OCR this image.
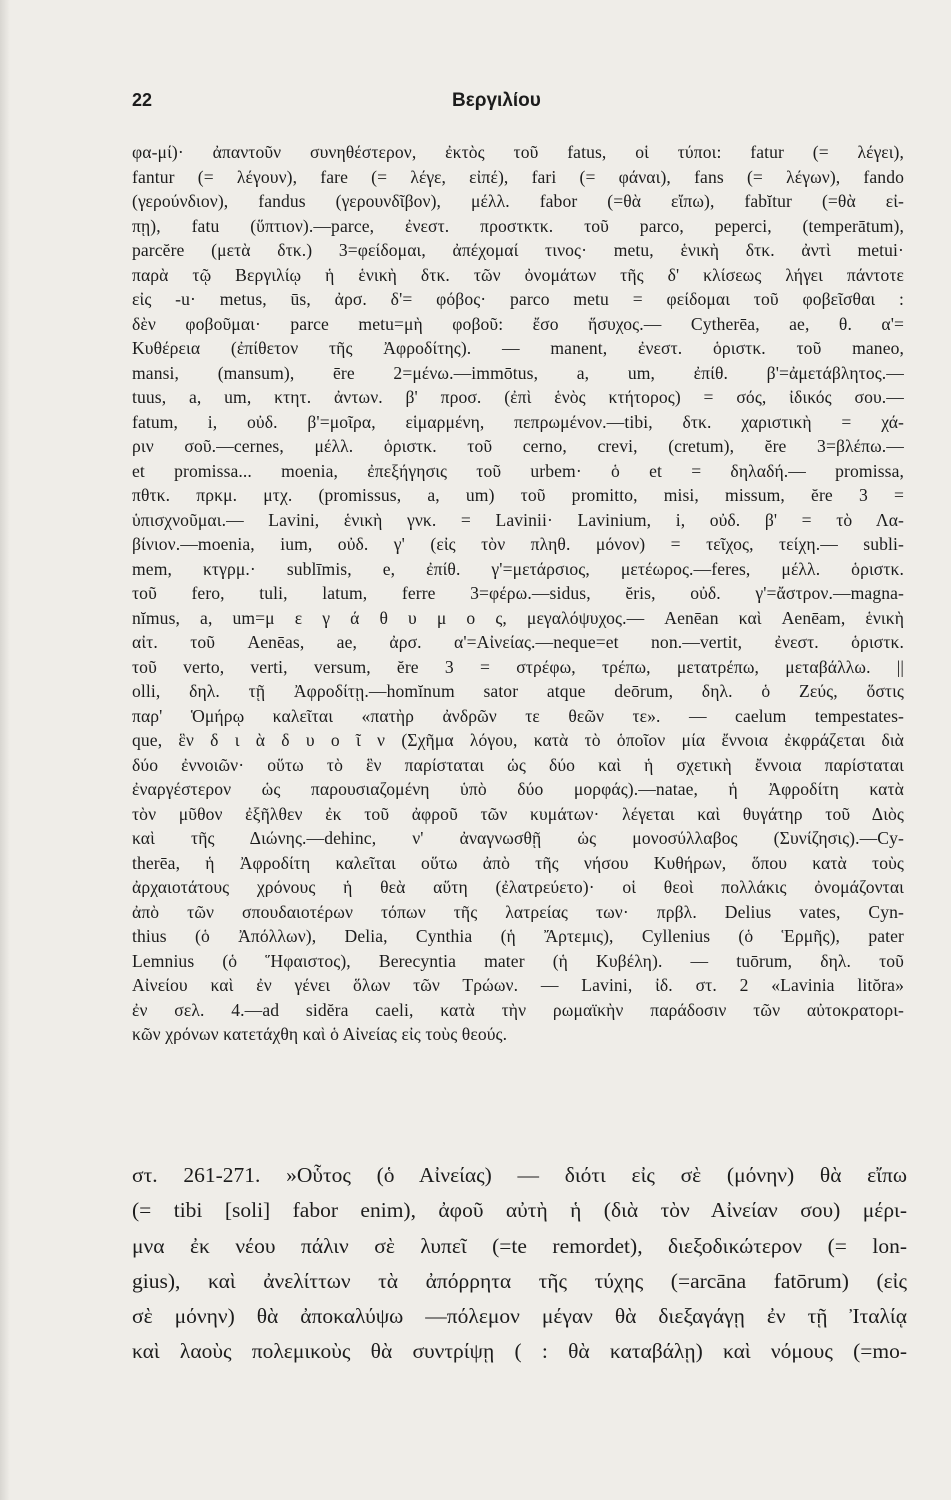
22	Βεργιλίου
φα-μί)· ἀπαντοῦν συνηθέστερον, ἐκτὸς τοῦ fatus, οἱ τύποι: fatur (= λέγει),
fantur (= λέγουν), fare (= λέγε, εἰπέ), fari (= φάναι), fans (= λέγων), fando
(γερούνδιον), fandus (γερουνδῖβον), μέλλ. fabor (=θὰ εἴπω), fabĭtur (=θὰ εἰ-
πῃ), fatu (ὕπτιον).—parce, ἐνεστ. προστκτκ. τοῦ parco, peperci, (temperātum),
parcĕre (μετὰ δτκ.) 3=φείδομαι, ἀπέχομαί τινος· metu, ἑνικὴ δτκ. ἀντὶ metui·
παρὰ τῷ Βεργιλίῳ ἡ ἑνικὴ δτκ. τῶν ὀνομάτων τῆς δ' κλίσεως λήγει πάντοτε
εἰς -u· metus, ūs, ἀρσ. δ'= φόβος· parco metu = φείδομαι τοῦ φοβεῖσθαι :
δὲν φοβοῦμαι· parce metu=μὴ φοβοῦ: ἔσο ἥσυχος.— Cytherēa, ae, θ. α'=
Κυθέρεια (ἐπίθετον τῆς Ἀφροδίτης). — manent, ἐνεστ. ὁριστκ. τοῦ maneo,
mansi, (mansum), ēre 2=μένω.—immōtus, a, um, ἐπίθ. β'=ἀμετάβλητος.—
tuus, a, um, κτητ. ἀντων. β' προσ. (ἐπὶ ἑνὸς κτήτορος) = σός, ἰδικός σου.—
fatum, i, οὐδ. β'=μοῖρα, εἱμαρμένη, πεπρωμένον.—tibi, δτκ. χαριστικὴ = χά-
ριν σοῦ.—cernes, μέλλ. ὁριστκ. τοῦ cerno, crevi, (cretum), ĕre 3=βλέπω.—
et promissa... moenia, ἐπεξήγησις τοῦ urbem· ὁ et = δηλαδή.— promissa,
πθτκ. πρκμ. μτχ. (promissus, a, um) τοῦ promitto, misi, missum, ĕre 3 =
ὑπισχνοῦμαι.— Lavini, ἑνικὴ γνκ. = Lavinii· Lavinium, i, οὐδ. β' = τὸ Λα-
βίνιον.—moenia, ium, οὐδ. γ' (εἰς τὸν πληθ. μόνον) = τεῖχος, τείχη.— subli-
mem, κτγρμ.· sublīmis, e, ἐπίθ. γ'=μετάρσιος, μετέωρος.—feres, μέλλ. ὁριστκ.
τοῦ fero, tuli, latum, ferre 3=φέρω.—sidus, ĕris, οὐδ. γ'=ἄστρον.—magna-
nĭmus, a, um=μ ε γ ά θ υ μ ο ς, μεγαλόψυχος.— Aenēan καὶ Aenēam, ἑνικὴ
αἰτ. τοῦ Aenēas, ae, ἀρσ. α'=Αἰνείας.—neque=et non.—vertit, ἐνεστ. ὁριστκ.
τοῦ verto, verti, versum, ĕre 3 = στρέφω, τρέπω, μετατρέπω, μεταβάλλω. ||
olli, δηλ. τῇ Ἀφροδίτῃ.—homĭnum sator atque deōrum, δηλ. ὁ Ζεύς, ὅστις
παρ' Ὁμήρῳ καλεῖται «πατὴρ ἀνδρῶν τε θεῶν τε». — caelum tempestates-
que, ἓν δ ι ὰ δ υ ο ῖ ν (Σχῆμα λόγου, κατὰ τὸ ὁποῖον μία ἔννοια ἐκφράζεται διὰ
δύο ἐννοιῶν· οὕτω τὸ ἓν παρίσταται ὡς δύο καὶ ἡ σχετικὴ ἔννοια παρίσταται
ἐναργέστερον ὡς παρουσιαζομένη ὑπὸ δύο μορφάς).—natae, ἡ Ἀφροδίτη κατὰ
τὸν μῦθον ἐξῆλθεν ἐκ τοῦ ἀφροῦ τῶν κυμάτων· λέγεται καὶ θυγάτηρ τοῦ Διὸς
καὶ τῆς Διώνης.—dehinc, ν' ἀναγνωσθῇ ὡς μονοσύλλαβος (Συνίζησις).—Cy-
therēa, ἡ Ἀφροδίτη καλεῖται οὕτω ἀπὸ τῆς νήσου Κυθήρων, ὅπου κατὰ τοὺς
ἀρχαιοτάτους χρόνους ἡ θεὰ αὕτη (ἐλατρεύετο)· οἱ θεοὶ πολλάκις ὀνομάζονται
ἀπὸ τῶν σπουδαιοτέρων τόπων τῆς λατρείας των· πρβλ. Delius vates, Cyn-
thius (ὁ Ἀπόλλων), Delia, Cynthia (ἡ Ἄρτεμις), Cyllenius (ὁ Ἑρμῆς), pater
Lemnius (ὁ Ἥφαιστος), Berecyntia mater (ἡ Κυβέλη). — tuōrum, δηλ. τοῦ
Αἰνείου καὶ ἐν γένει ὅλων τῶν Τρώων. — Lavini, ἰδ. στ. 2 «Lavinia litŏra»
ἐν σελ. 4.—ad sidĕra caeli, κατὰ τὴν ρωμαϊκὴν παράδοσιν τῶν αὐτοκρατορι-
κῶν χρόνων κατετάχθη καὶ ὁ Αἰνείας εἰς τοὺς θεούς.
στ. 261-271. »Οὗτος (ὁ Αἰνείας) — διότι εἰς σὲ (μόνην) θὰ εἴπω
(= tibi [soli] fabor enim), ἀφοῦ αὐτὴ ἡ (διὰ τὸν Αἰνείαν σου) μέρι-
μνα ἐκ νέου πάλιν σὲ λυπεῖ (=te remordet), διεξοδικώτερον (= lon-
gius), καὶ ἀνελίττων τὰ ἀπόρρητα τῆς τύχης (=arcāna fatōrum) (εἰς
σὲ μόνην) θὰ ἀποκαλύψω —πόλεμον μέγαν θὰ διεξαγάγῃ ἐν τῇ Ἰταλίᾳ
καὶ λαοὺς πολεμικοὺς θὰ συντρίψῃ ( : θὰ καταβάλῃ) καὶ νόμους (=mo-
